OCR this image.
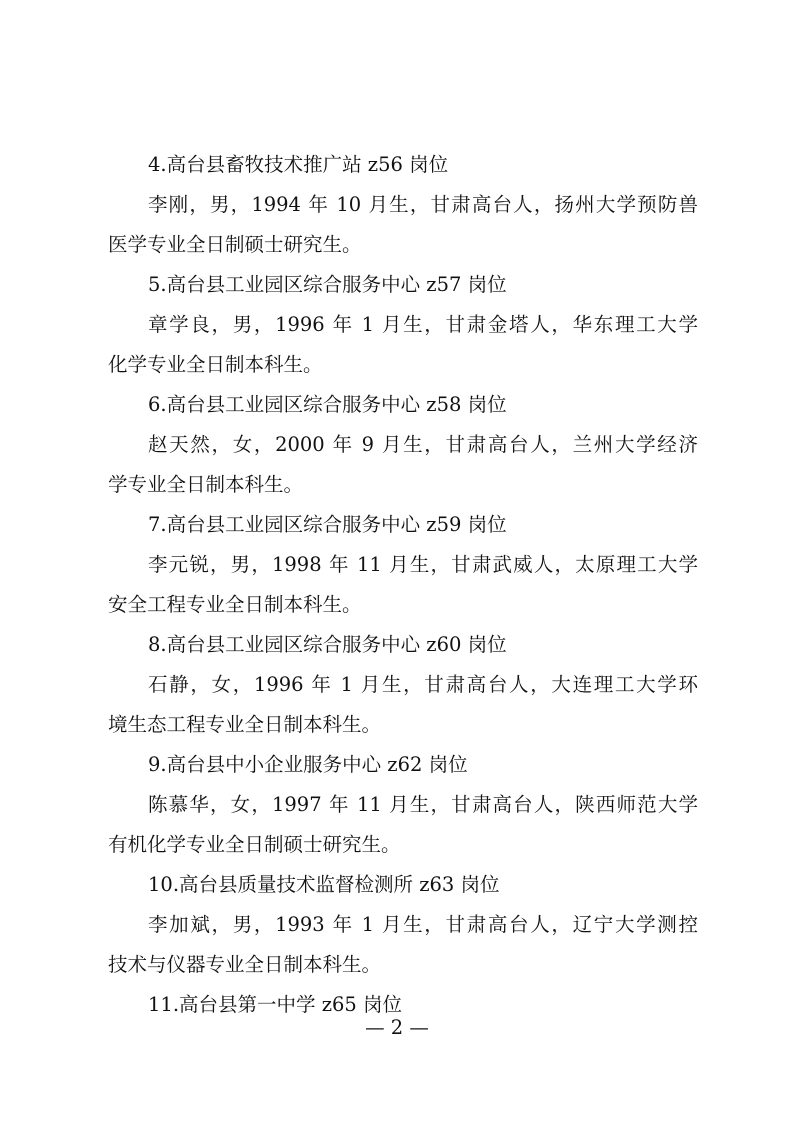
4.高台县畜牧技术推广站 z56 岗位
李刚，男，1994 年 10 月生，甘肃高台人，扬州大学预防兽
医学专业全日制硕士研究生。
5.高台县工业园区综合服务中心 z57 岗位
章学良，男，1996 年 1 月生，甘肃金塔人，华东理工大学
化学专业全日制本科生。
6.高台县工业园区综合服务中心 z58 岗位
赵天然，女，2000 年 9 月生，甘肃高台人，兰州大学经济
学专业全日制本科生。
7.高台县工业园区综合服务中心 z59 岗位
李元锐，男，1998 年 11 月生，甘肃武威人，太原理工大学
安全工程专业全日制本科生。
8.高台县工业园区综合服务中心 z60 岗位
石静，女，1996 年 1 月生，甘肃高台人，大连理工大学环
境生态工程专业全日制本科生。
9.高台县中小企业服务中心 z62 岗位
陈慕华，女，1997 年 11 月生，甘肃高台人，陕西师范大学
有机化学专业全日制硕士研究生。
10.高台县质量技术监督检测所 z63 岗位
李加斌，男，1993 年 1 月生，甘肃高台人，辽宁大学测控
技术与仪器专业全日制本科生。
11.高台县第一中学 z65 岗位
— 2 —
